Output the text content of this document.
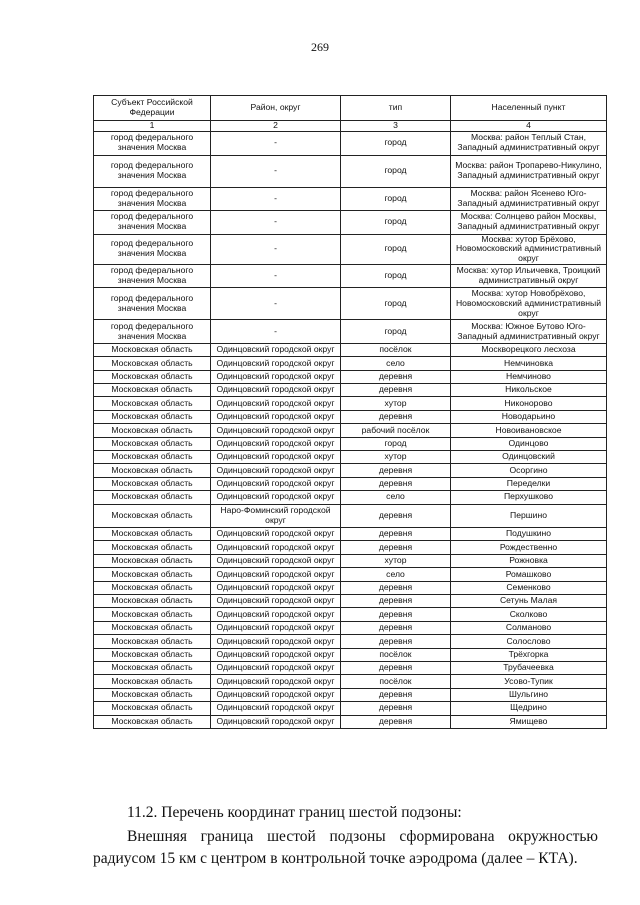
269
Субъект Российской Федерации	Район, округ	тип	Населенный пункт
1	2	3	4
город федерального значения Москва	-	город	Москва: район Теплый Стан, Западный административный округ
город федерального значения Москва	-	город	Москва: район Тропарево-Никулино, Западный административный округ
город федерального значения Москва	-	город	Москва: район Ясенево Юго-Западный административный округ
город федерального значения Москва	-	город	Москва: Солнцево район Москвы, Западный административный округ
город федерального значения Москва	-	город	Москва: хутор Брёхово, Новомосковский административный округ
город федерального значения Москва	-	город	Москва: хутор Ильичевка, Троицкий административный округ
город федерального значения Москва	-	город	Москва: хутор Новобрёхово, Новомосковский административный округ
город федерального значения Москва	-	город	Москва: Южное Бутово Юго-Западный административный округ
Московская область	Одинцовский городской округ	посёлок	Москворецкого лесхоза
Московская область	Одинцовский городской округ	село	Немчиновка
Московская область	Одинцовский городской округ	деревня	Немчиново
Московская область	Одинцовский городской округ	деревня	Никольское
Московская область	Одинцовский городской округ	хутор	Никонорово
Московская область	Одинцовский городской округ	деревня	Новодарьино
Московская область	Одинцовский городской округ	рабочий посёлок	Новоивановское
Московская область	Одинцовский городской округ	город	Одинцово
Московская область	Одинцовский городской округ	хутор	Одинцовский
Московская область	Одинцовский городской округ	деревня	Осоргино
Московская область	Одинцовский городской округ	деревня	Переделки
Московская область	Одинцовский городской округ	село	Перхушково
Московская область	Наро-Фоминский городской округ	деревня	Першино
Московская область	Одинцовский городской округ	деревня	Подушкино
Московская область	Одинцовский городской округ	деревня	Рождественно
Московская область	Одинцовский городской округ	хутор	Рожновка
Московская область	Одинцовский городской округ	село	Ромашково
Московская область	Одинцовский городской округ	деревня	Семенково
Московская область	Одинцовский городской округ	деревня	Сетунь Малая
Московская область	Одинцовский городской округ	деревня	Сколково
Московская область	Одинцовский городской округ	деревня	Солманово
Московская область	Одинцовский городской округ	деревня	Солослово
Московская область	Одинцовский городской округ	посёлок	Трёхгорка
Московская область	Одинцовский городской округ	деревня	Трубачеевка
Московская область	Одинцовский городской округ	посёлок	Усово-Тупик
Московская область	Одинцовский городской округ	деревня	Шульгино
Московская область	Одинцовский городской округ	деревня	Щедрино
Московская область	Одинцовский городской округ	деревня	Ямищево

11.2. Перечень координат границ шестой подзоны:

Внешняя граница шестой подзоны сформирована окружностью радиусом 15 км с центром в контрольной точке аэродрома (далее – КТА).
